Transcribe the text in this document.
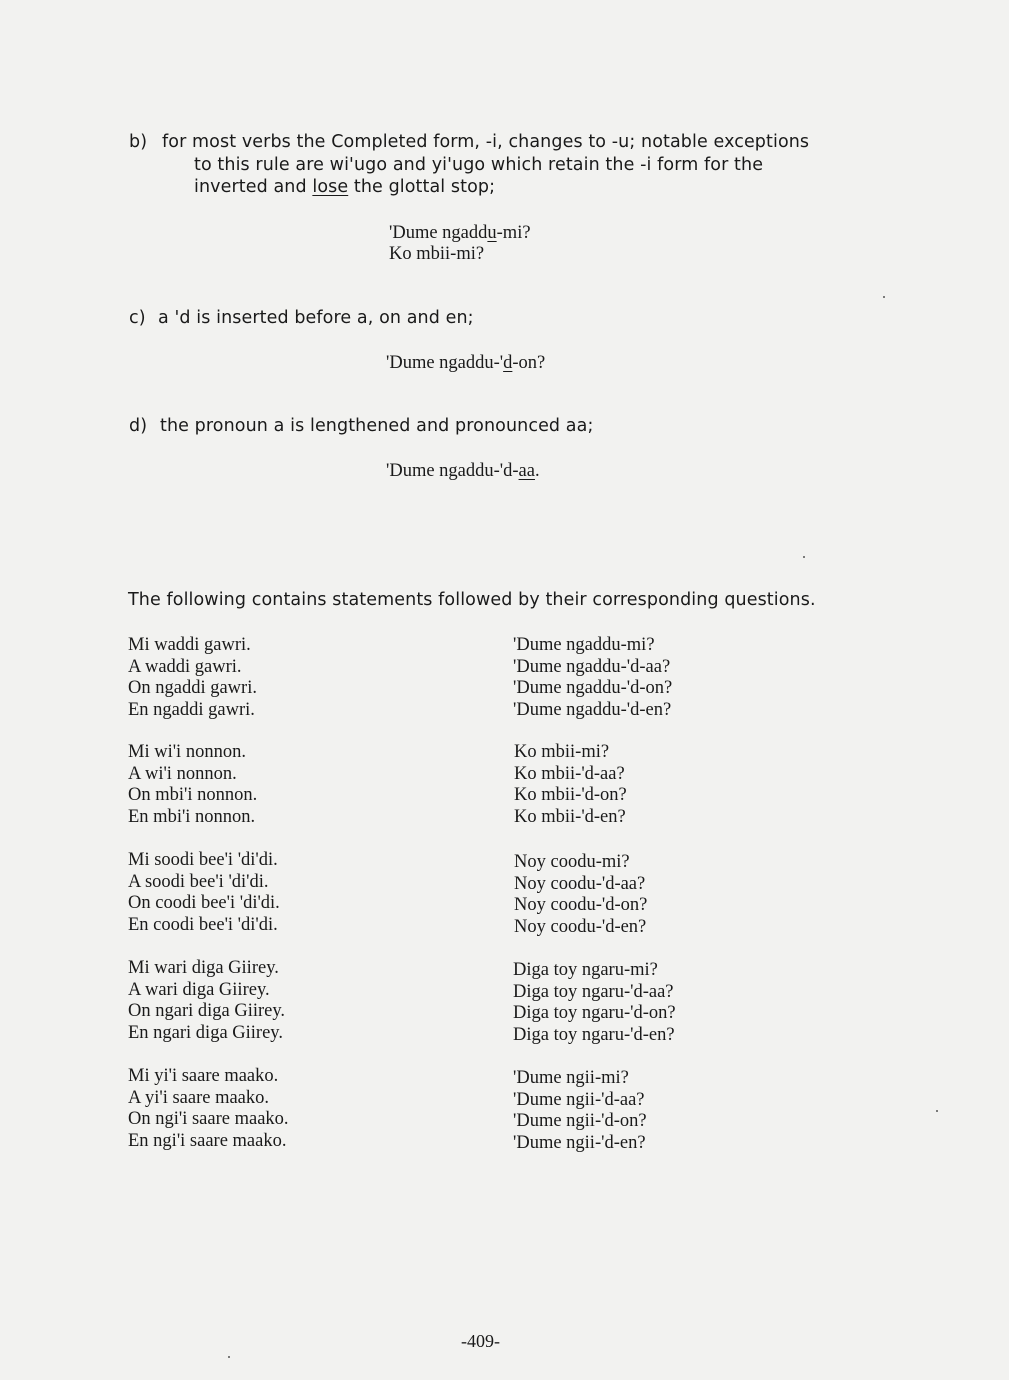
b) for most verbs the Completed form, -i, changes to -u; notable exceptions
to this rule are wi'ugo and yi'ugo which retain the -i form for the
inverted and lose the glottal stop;
'Dume ngaddu-mi?
Ko mbii-mi?
c) a 'd is inserted before a, on and en;
'Dume ngaddu-'d-on?
d) the pronoun a is lengthened and pronounced aa;
'Dume ngaddu-'d-aa.
The following contains statements followed by their corresponding questions.
Mi waddi gawri.
A waddi gawri.
On ngaddi gawri.
En ngaddi gawri.
'Dume ngaddu-mi?
'Dume ngaddu-'d-aa?
'Dume ngaddu-'d-on?
'Dume ngaddu-'d-en?
Mi wi'i nonnon.
A wi'i nonnon.
On mbi'i nonnon.
En mbi'i nonnon.
Ko mbii-mi?
Ko mbii-'d-aa?
Ko mbii-'d-on?
Ko mbii-'d-en?
Mi soodi bee'i 'di'di.
A soodi bee'i 'di'di.
On coodi bee'i 'di'di.
En coodi bee'i 'di'di.
Noy coodu-mi?
Noy coodu-'d-aa?
Noy coodu-'d-on?
Noy coodu-'d-en?
Mi wari diga Giirey.
A wari diga Giirey.
On ngari diga Giirey.
En ngari diga Giirey.
Diga toy ngaru-mi?
Diga toy ngaru-'d-aa?
Diga toy ngaru-'d-on?
Diga toy ngaru-'d-en?
Mi yi'i saare maako.
A yi'i saare maako.
On ngi'i saare maako.
En ngi'i saare maako.
'Dume ngii-mi?
'Dume ngii-'d-aa?
'Dume ngii-'d-on?
'Dume ngii-'d-en?
-409-
